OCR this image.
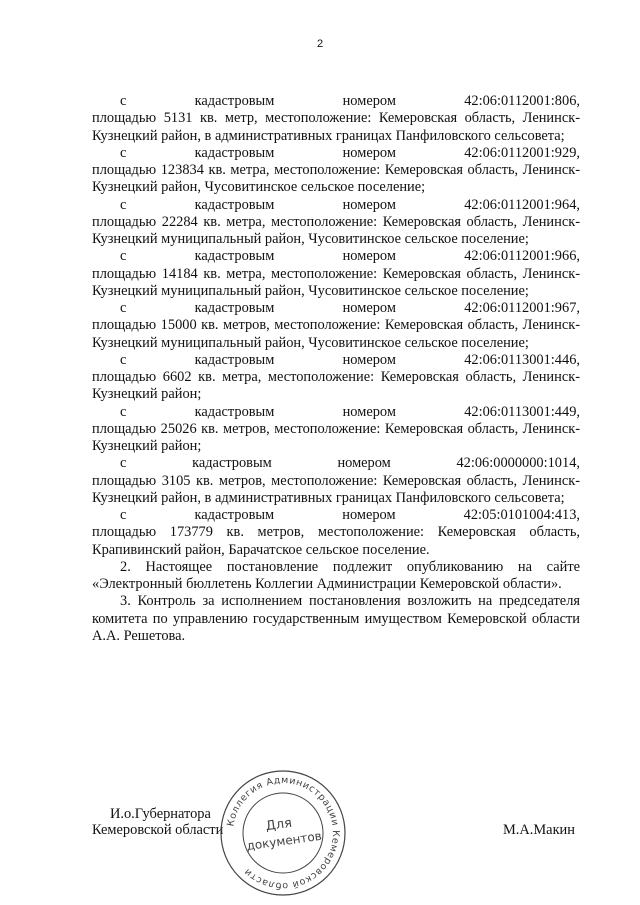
2

с кадастровым номером 42:06:0112001:806,

площадью 5131 кв. метр, местоположение: Кемеровская область, Ленинск-Кузнецкий район, в административных границах Панфиловского сельсовета;

с кадастровым номером 42:06:0112001:929,

площадью 123834 кв. метра, местоположение: Кемеровская область, Ленинск-Кузнецкий район, Чусовитинское сельское поселение;

с кадастровым номером 42:06:0112001:964,

площадью 22284 кв. метра, местоположение: Кемеровская область, Ленинск-Кузнецкий муниципальный район, Чусовитинское сельское поселение;

с кадастровым номером 42:06:0112001:966,

площадью 14184 кв. метра, местоположение: Кемеровская область, Ленинск-Кузнецкий муниципальный район, Чусовитинское сельское поселение;

с кадастровым номером 42:06:0112001:967,

площадью 15000 кв. метров, местоположение: Кемеровская область, Ленинск-Кузнецкий муниципальный район, Чусовитинское сельское поселение;

с кадастровым номером 42:06:0113001:446,

площадью 6602 кв. метра, местоположение: Кемеровская область, Ленинск-Кузнецкий район;

с кадастровым номером 42:06:0113001:449,

площадью 25026 кв. метров, местоположение: Кемеровская область, Ленинск-Кузнецкий район;

с кадастровым номером 42:06:0000000:1014,

площадью 3105 кв. метров, местоположение: Кемеровская область, Ленинск-Кузнецкий район, в административных границах Панфиловского сельсовета;

с кадастровым номером 42:05:0101004:413,

площадью 173779 кв. метров, местоположение: Кемеровская область, Крапивинский район, Барачатское сельское поселение.

2. Настоящее постановление подлежит опубликованию на сайте «Электронный бюллетень Коллегии Администрации Кемеровской области».

3. Контроль за исполнением постановления возложить на председателя комитета по управлению государственным имуществом Кемеровской области А.А. Решетова.

И.о.Губернатора
Кемеровской области	М.А.Макин
Коллегия Администрации Кемеровской области
Для
документов
